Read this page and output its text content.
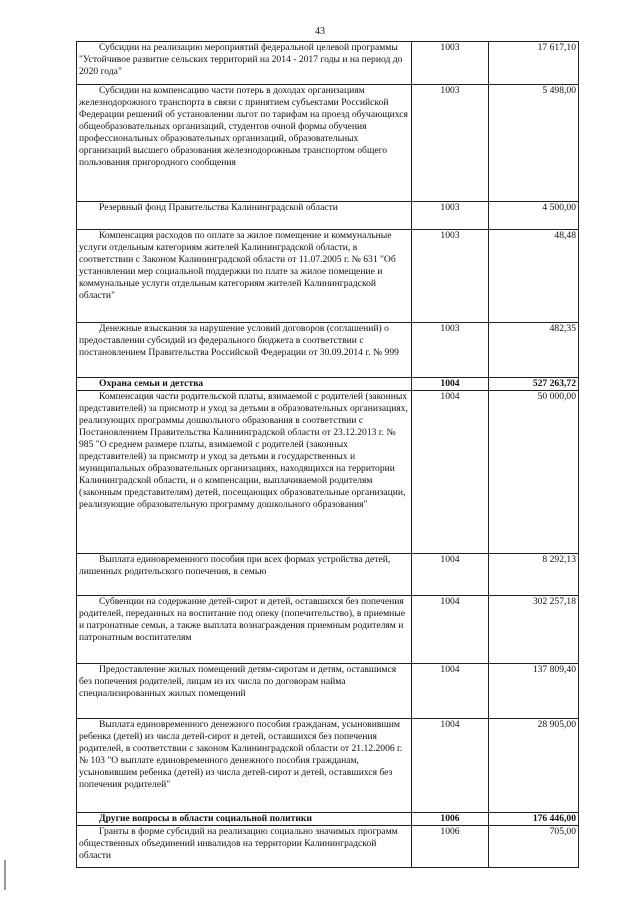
43
Субсидии на реализацию мероприятий федеральной целевой программы "Устойчивое развитие сельских территорий на 2014 - 2017 годы и на период до 2020 года"	1003	17 617,10
Субсидии на компенсацию части потерь в доходах организациям железнодорожного транспорта в связи с принятием субъектами Российской Федерации решений об установлении льгот по тарифам на проезд обучающихся общеобразовательных организаций, студентов очной формы обучения профессиональных образовательных организаций, образовательных организаций высшего образования железнодорожным транспортом общего пользования пригородного сообщения	1003	5 498,00
Резервный фонд Правительства Калининградской области	1003	4 500,00
Компенсация расходов по оплате за жилое помещение и коммунальные услуги отдельным категориям жителей Калининградской области, в соответствии с Законом Калининградской области от 11.07.2005 г. № 631 "Об установлении мер социальной поддержки по плате за жилое помещение и коммунальные услуги отдельным категориям жителей Калининградской области"	1003	48,48
Денежные взыскания за нарушение условий договоров (соглашений) о предоставлении субсидий из федерального бюджета в соответствии с постановлением Правительства Российской Федерации от 30.09.2014 г. № 999	1003	482,35
Охрана семьи и детства	1004	527 263,72
Компенсация части родительской платы, взимаемой с родителей (законных представителей) за присмотр и уход за детьми в образовательных организациях, реализующих программы дошкольного образования в соответствии с Постановлением Правительства Калининградской области от 23.12.2013 г. № 985 "О среднем размере платы, взимаемой с родителей (законных представителей) за присмотр и уход за детьми в государственных и муниципальных образовательных организациях, находящихся на территории Калининградской области, и о компенсации, выплачиваемой родителям (законным представителям) детей, посещающих образовательные организации, реализующие образовательную программу дошкольного образования"	1004	50 000,00
Выплата единовременного пособия при всех формах устройства детей, лишенных родительского попечения, в семью	1004	8 292,13
Субвенции на содержание детей-сирот и детей, оставшихся без попечения родителей, переданных на воспитание под опеку (попечительство), в приемные и патронатные семьи, а также выплата вознаграждения приемным родителям и патронатным воспитателям	1004	302 257,18
Предоставление жилых помещений детям-сиротам и детям, оставшимся без попечения родителей, лицам из их числа по договорам найма специализированных жилых помещений	1004	137 809,40
Выплата единовременного денежного пособия гражданам, усыновившим ребенка (детей) из числа детей-сирот и детей, оставшихся без попечения родителей, в соответствии с законом Калининградской области от 21.12.2006 г. № 103 "О выплате единовременного денежного пособия гражданам, усыновившим ребенка (детей) из числа детей-сирот и детей, оставшихся без попечения родителей"	1004	28 905,00
Другие вопросы в области социальной политики	1006	176 446,00
Гранты в форме субсидий на реализацию социально значимых программ общественных объединений инвалидов на территории Калининградской области	1006	705,00
